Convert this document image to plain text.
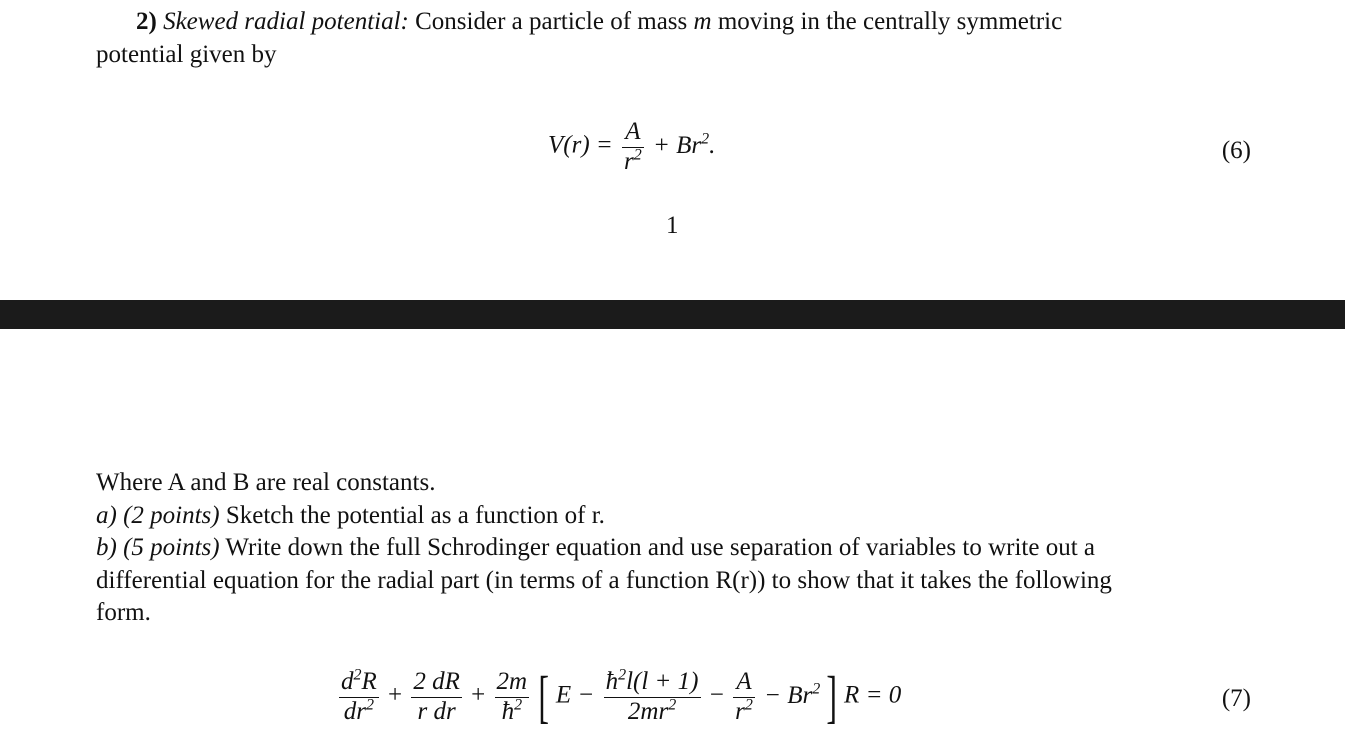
2) Skewed radial potential: Consider a particle of mass m moving in the centrally symmetric
potential given by
$V(r) = \frac{A}{r^2} + Br^2$.	(6)
1
Where A and B are real constants.
a) (2 points) Sketch the potential as a function of r.
b) (5 points) Write down the full Schrodinger equation and use separation of variables to write out a
differential equation for the radial part (in terms of a function R(r)) to show that it takes the following
form.
$\frac{d^2R}{dr^2} + \frac{2 dR}{\text{r dr}} + \frac{2m}{ħ^2}$ [ $E - \frac{ħ^2l(l + 1)}{2mr^2} - \frac{A}{r^2} - Br^2$ ] R = 0	(7)
